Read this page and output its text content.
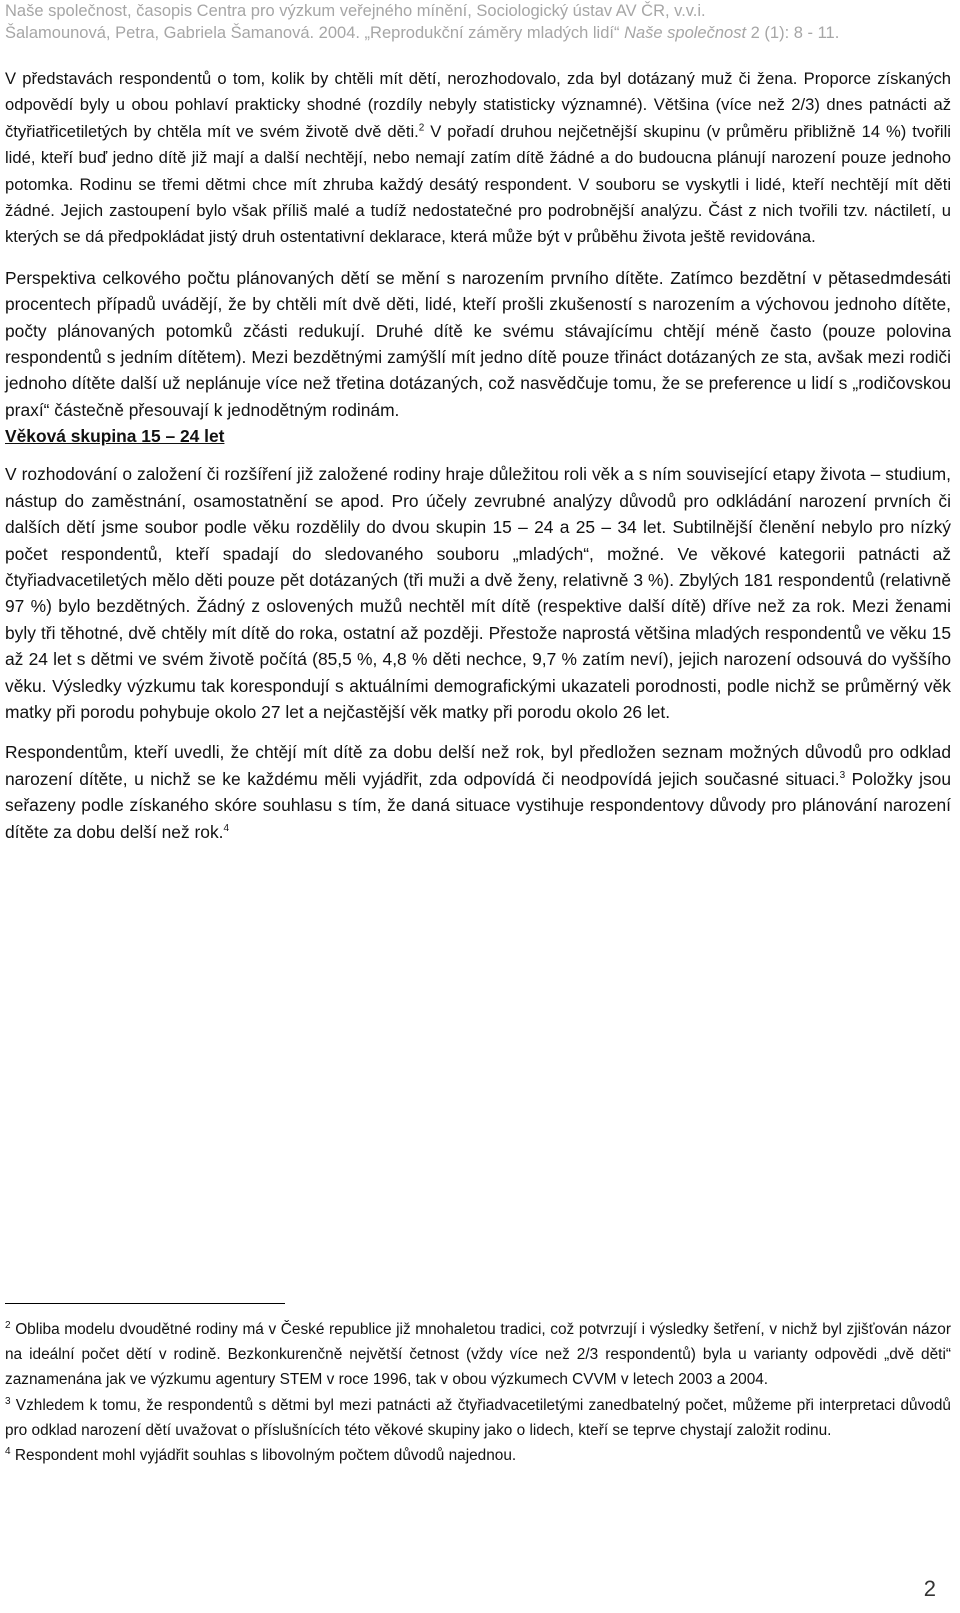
Naše společnost, časopis Centra pro výzkum veřejného mínění, Sociologický ústav AV ČR, v.v.i.
Šalamounová, Petra, Gabriela Šamanová. 2004. „Reprodukční záměry mladých lidí“ Naše společnost 2 (1): 8 - 11.

V představách respondentů o tom, kolik by chtěli mít dětí, nerozhodovalo, zda byl dotázaný muž či žena. Proporce získaných odpovědí byly u obou pohlaví prakticky shodné (rozdíly nebyly statisticky významné). Většina (více než 2/3) dnes patnácti až čtyřiatřicetiletých by chtěla mít ve svém životě dvě děti.$^2$ V pořadí druhou nejčetnější skupinu (v průměru přibližně 14 %) tvořili lidé, kteří buď jedno dítě již mají a další nechtějí, nebo nemají zatím dítě žádné a do budoucna plánují narození pouze jednoho potomka. Rodinu se třemi dětmi chce mít zhruba každý desátý respondent. V souboru se vyskytli i lidé, kteří nechtějí mít děti žádné. Jejich zastoupení bylo však příliš malé a tudíž nedostatečné pro podrobnější analýzu. Část z nich tvořili tzv. náctiletí, u kterých se dá předpokládat jistý druh ostentativní deklarace, která může být v průběhu života ještě revidována.

Perspektiva celkového počtu plánovaných dětí se mění s narozením prvního dítěte. Zatímco bezdětní v pětasedmdesáti procentech případů uvádějí, že by chtěli mít dvě děti, lidé, kteří prošli zkušeností s narozením a výchovou jednoho dítěte, počty plánovaných potomků zčásti redukují. Druhé dítě ke svému stávajícímu chtějí méně často (pouze polovina respondentů s jedním dítětem). Mezi bezdětnými zamýšlí mít jedno dítě pouze třináct dotázaných ze sta, avšak mezi rodiči jednoho dítěte další už neplánuje více než třetina dotázaných, což nasvědčuje tomu, že se preference u lidí s „rodičovskou praxí“ částečně přesouvají k jednodětným rodinám.

Věková skupina 15 – 24 let

V rozhodování o založení či rozšíření již založené rodiny hraje důležitou roli věk a s ním související etapy života – studium, nástup do zaměstnání, osamostatnění se apod. Pro účely zevrubné analýzy důvodů pro odkládání narození prvních či dalších dětí jsme soubor podle věku rozdělily do dvou skupin 15 – 24 a 25 – 34 let. Subtilnější členění nebylo pro nízký počet respondentů, kteří spadají do sledovaného souboru „mladých“, možné. Ve věkové kategorii patnácti až čtyřiadvacetiletých mělo děti pouze pět dotázaných (tři muži a dvě ženy, relativně 3 %). Zbylých 181 respondentů (relativně 97 %) bylo bezdětných. Žádný z oslovených mužů nechtěl mít dítě (respektive další dítě) dříve než za rok. Mezi ženami byly tři těhotné, dvě chtěly mít dítě do roka, ostatní až později. Přestože naprostá většina mladých respondentů ve věku 15 až 24 let s dětmi ve svém životě počítá (85,5 %, 4,8 % děti nechce, 9,7 % zatím neví), jejich narození odsouvá do vyššího věku. Výsledky výzkumu tak korespondují s aktuálními demografickými ukazateli porodnosti, podle nichž se průměrný věk matky při porodu pohybuje okolo 27 let a nejčastější věk matky při porodu okolo 26 let.

Respondentům, kteří uvedli, že chtějí mít dítě za dobu delší než rok, byl předložen seznam možných důvodů pro odklad narození dítěte, u nichž se ke každému měli vyjádřit, zda odpovídá či neodpovídá jejich současné situaci.$^3$ Položky jsou seřazeny podle získaného skóre souhlasu s tím, že daná situace vystihuje respondentovy důvody pro plánování narození dítěte za dobu delší než rok.$^4$

$^2$ Obliba modelu dvoudětné rodiny má v České republice již mnohaletou tradici, což potvrzují i výsledky šetření, v nichž byl zjišťován názor na ideální počet dětí v rodině. Bezkonkurenčně největší četnost (vždy více než 2/3 respondentů) byla u varianty odpovědi „dvě děti“ zaznamenána jak ve výzkumu agentury STEM v roce 1996, tak v obou výzkumech CVVM v letech 2003 a 2004.

$^3$ Vzhledem k tomu, že respondentů s dětmi byl mezi patnácti až čtyřiadvacetiletými zanedbatelný počet, můžeme při interpretaci důvodů pro odklad narození dětí uvažovat o příslušnících této věkové skupiny jako o lidech, kteří se teprve chystají založit rodinu.

$^4$ Respondent mohl vyjádřit souhlas s libovolným počtem důvodů najednou.

2
